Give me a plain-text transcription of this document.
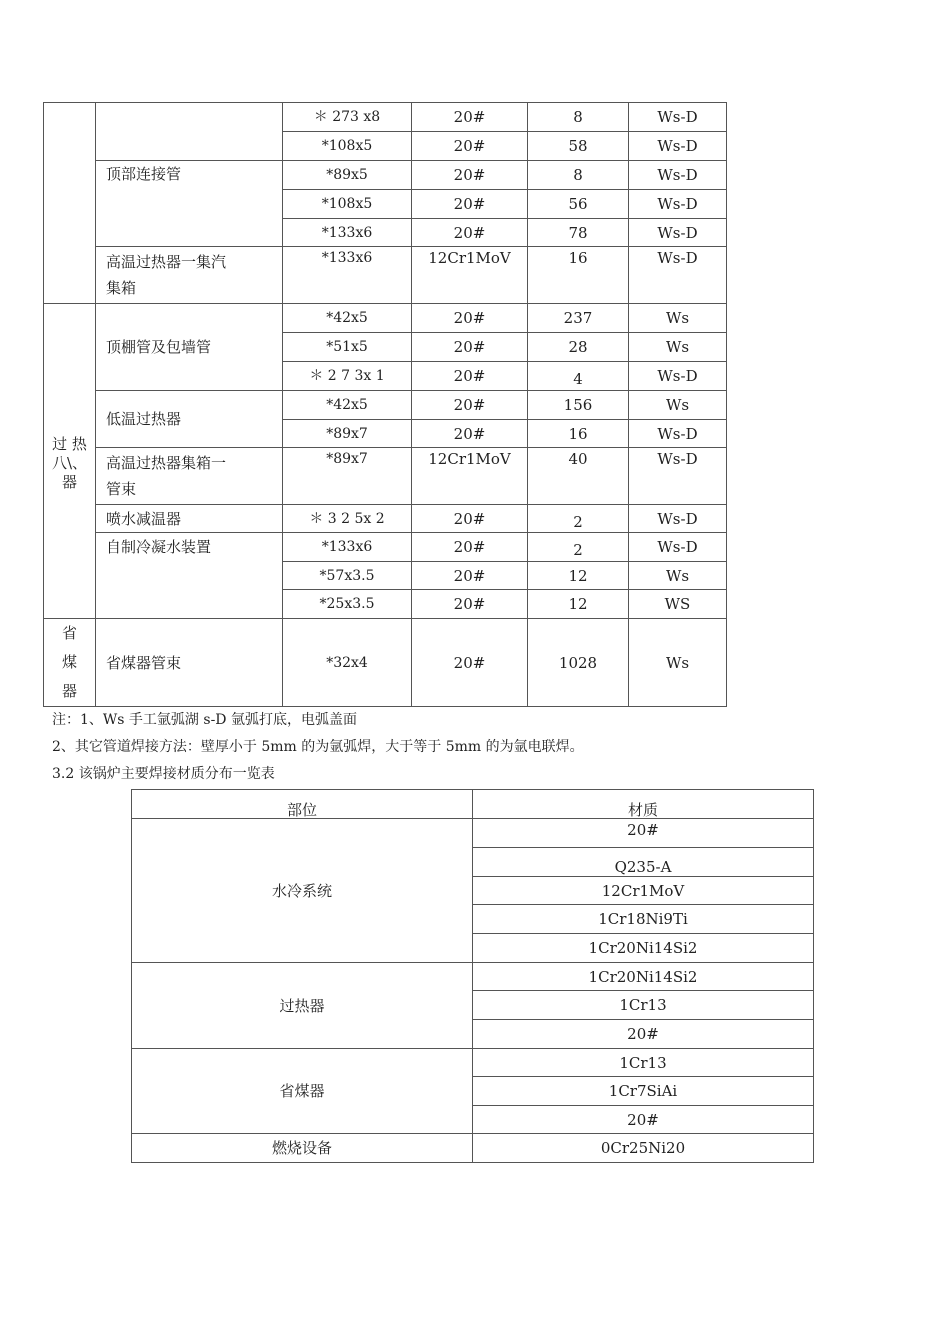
		＊ 273 x8	20#	8	Ws-D
		*108x5	20#	58	Ws-D
	顶部连接管	*89x5	20#	8	Ws-D
		*108x5	20#	56	Ws-D
		*133x6	20#	78	Ws-D
	高温过热器一集汽
集箱	*133x6	12Cr1MoV	16	Ws-D

过 热
八\、
器	顶棚管及包墙管	*42x5	20#	237	Ws
		*51x5	20#	28	Ws
		＊ 2 7 3x 1	20#	4	Ws-D
	低温过热器	*42x5	20#	156	Ws
		*89x7	20#	16	Ws-D
	高温过热器集箱一
管束	*89x7	12Cr1MoV	40	Ws-D
	喷水减温器	＊ 3 2 5x 2	20#	2	Ws-D
	自制冷凝水装置	*133x6	20#	2	Ws-D
		*57x3.5	20#	12	Ws
		*25x3.5	20#	12	WS

省
煤
器	省煤器管束	*32x4	20#	1028	Ws
注：1、Ws 手工氩弧湖 s-D 氩弧打底，电弧盖面
2、其它管道焊接方法：壁厚小于 5mm 的为氩弧焊，大于等于 5mm 的为氩电联焊。
3.2 该锅炉主要焊接材质分布一览表
部位	材质
水冷系统	20#
	Q235-A
	12Cr1MoV
	1Cr18Ni9Ti
	1Cr20Ni14Si2
过热器	1Cr20Ni14Si2
	1Cr13
	20#
省煤器	1Cr13
	1Cr7SiAi
	20#
燃烧设备	0Cr25Ni20
